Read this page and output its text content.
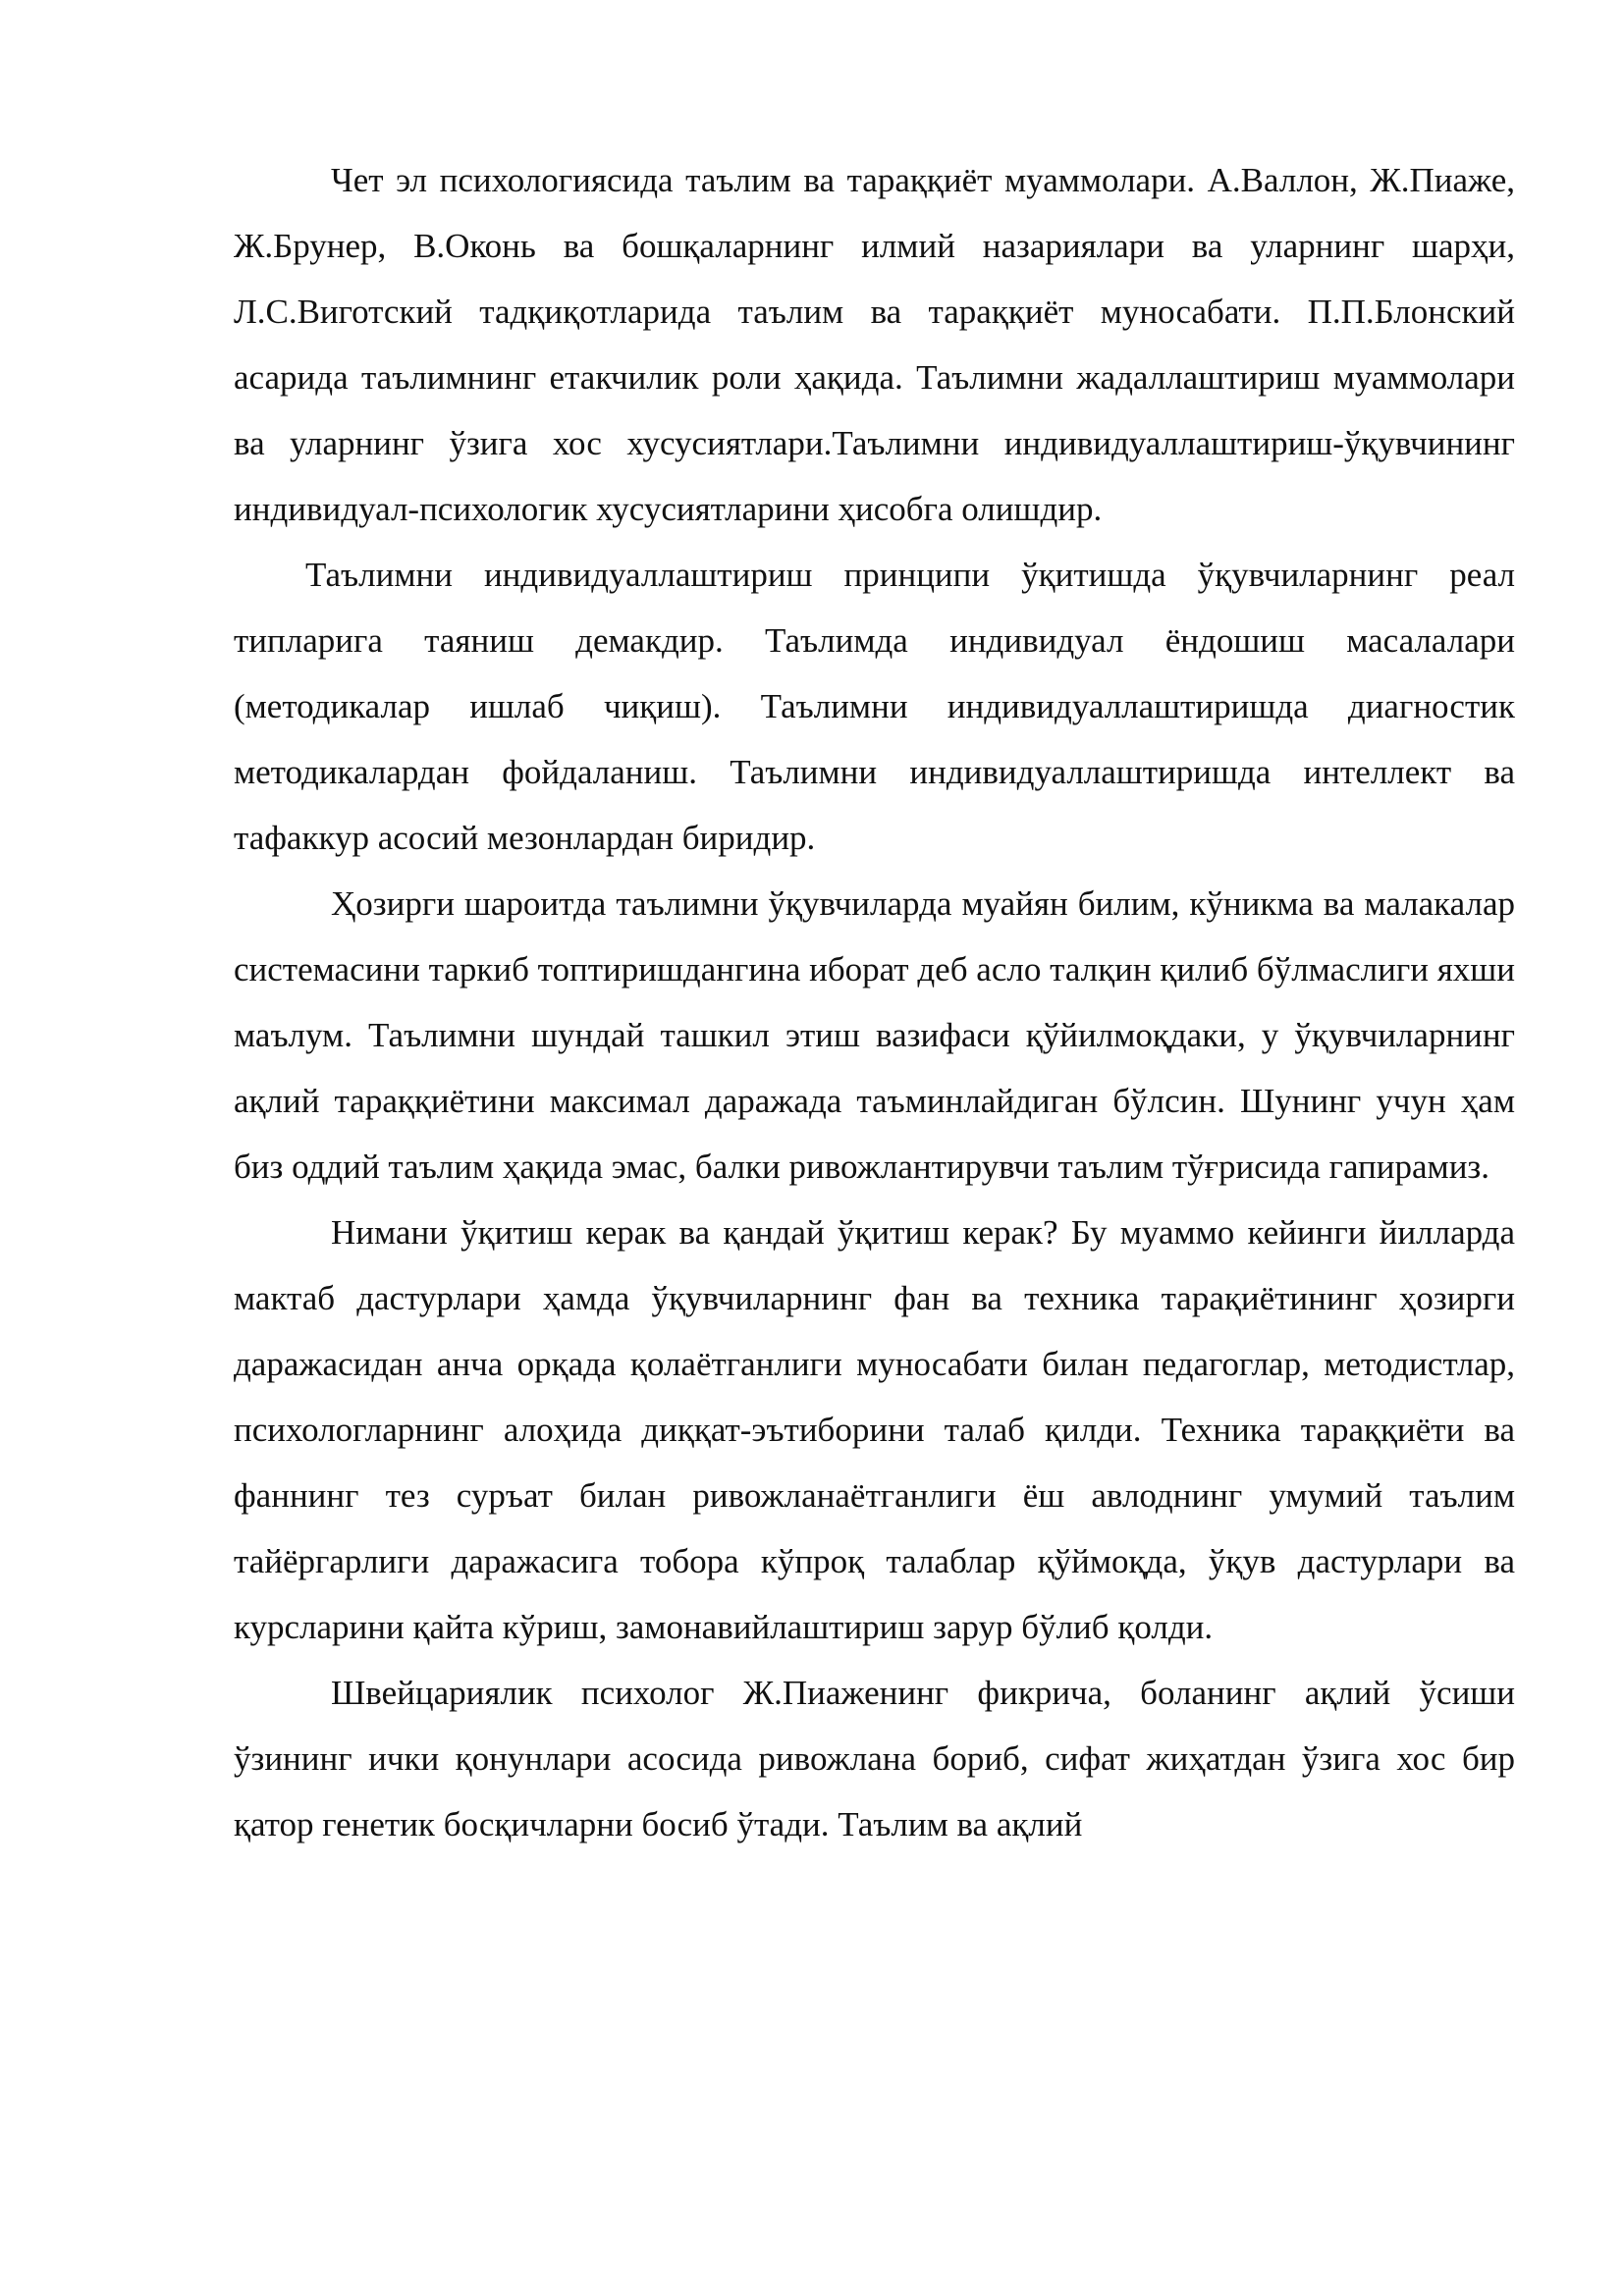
Чет эл психологиясида таълим ва тараққиёт муаммолари. А.Валлон, Ж.Пиаже, Ж.Брунер, В.Оконь ва бошқаларнинг илмий назариялари ва уларнинг шарҳи, Л.С.Виготский тадқиқотларида таълим ва тараққиёт муносабати. П.П.Блонский асарида таълимнинг етакчилик роли ҳақида. Таълимни жадаллаштириш муаммолари ва уларнинг ўзига хос хусусиятлари.Таълимни индивидуаллаштириш-ўқувчининг индивидуал-психологик хусусиятларини ҳисобга олишдир.

Таълимни индивидуаллаштириш принципи ўқитишда ўқувчиларнинг реал типларига таяниш демакдир. Таълимда индивидуал ёндошиш масалалари (методикалар ишлаб чиқиш). Таълимни индивидуаллаштиришда диагностик методикалардан фойдаланиш. Таълимни индивидуаллаштиришда интеллект ва тафаккур асосий мезонлардан биридир.

Ҳозирги шароитда таълимни ўқувчиларда муайян билим, кўникма ва малакалар системасини таркиб топтиришдангина иборат деб асло талқин қилиб бўлмаслиги яхши маълум. Таълимни шундай ташкил этиш вазифаси қўйилмоқдаки, у ўқувчиларнинг ақлий тараққиётини максимал даражада таъминлайдиган бўлсин. Шунинг учун ҳам биз оддий таълим ҳақида эмас, балки ривожлантирувчи таълим тўғрисида гапирамиз.

Нимани ўқитиш керак ва қандай ўқитиш керак? Бу муаммо кейинги йилларда мактаб дастурлари ҳамда ўқувчиларнинг фан ва техника тарақиётининг ҳозирги даражасидан анча орқада қолаётганлиги муносабати билан педагоглар, методистлар, психологларнинг алоҳида диққат-эътиборини талаб қилди. Техника тараққиёти ва фаннинг тез суръат билан ривожланаётганлиги ёш авлоднинг умумий таълим тайёргарлиги даражасига тобора кўпроқ талаблар қўймоқда, ўқув дастурлари ва курсларини қайта кўриш, замонавийлаштириш зарур бўлиб қолди.

Швейцариялик психолог Ж.Пиаженинг фикрича, боланинг ақлий ўсиши ўзининг ички қонунлари асосида ривожлана бориб, сифат жиҳатдан ўзига хос бир қатор генетик босқичларни босиб ўтади. Таълим ва ақлий
